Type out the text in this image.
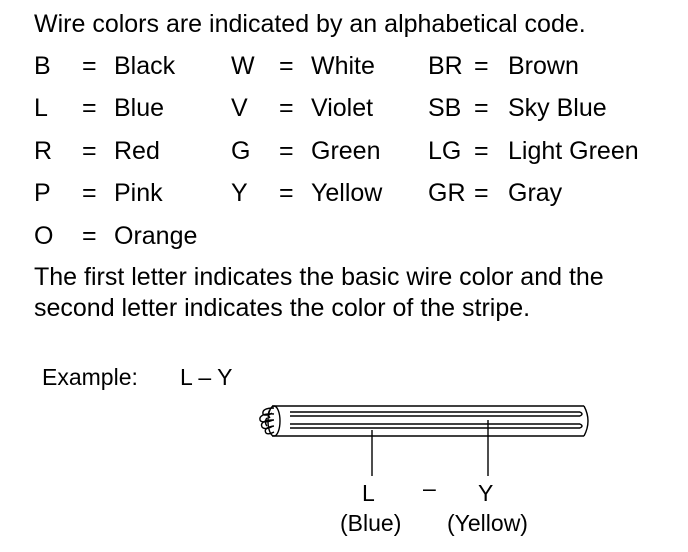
Wire colors are indicated by an alphabetical code.
B = Black
L = Blue
R = Red
P = Pink
O = Orange
W = White
V = Violet
G = Green
Y = Yellow
BR = Brown
SB = Sky Blue
LG = Light Green
GR = Gray
The first letter indicates the basic wire color and the
second letter indicates the color of the stripe.
Example: L – Y
L – Y
(Blue) (Yellow)
